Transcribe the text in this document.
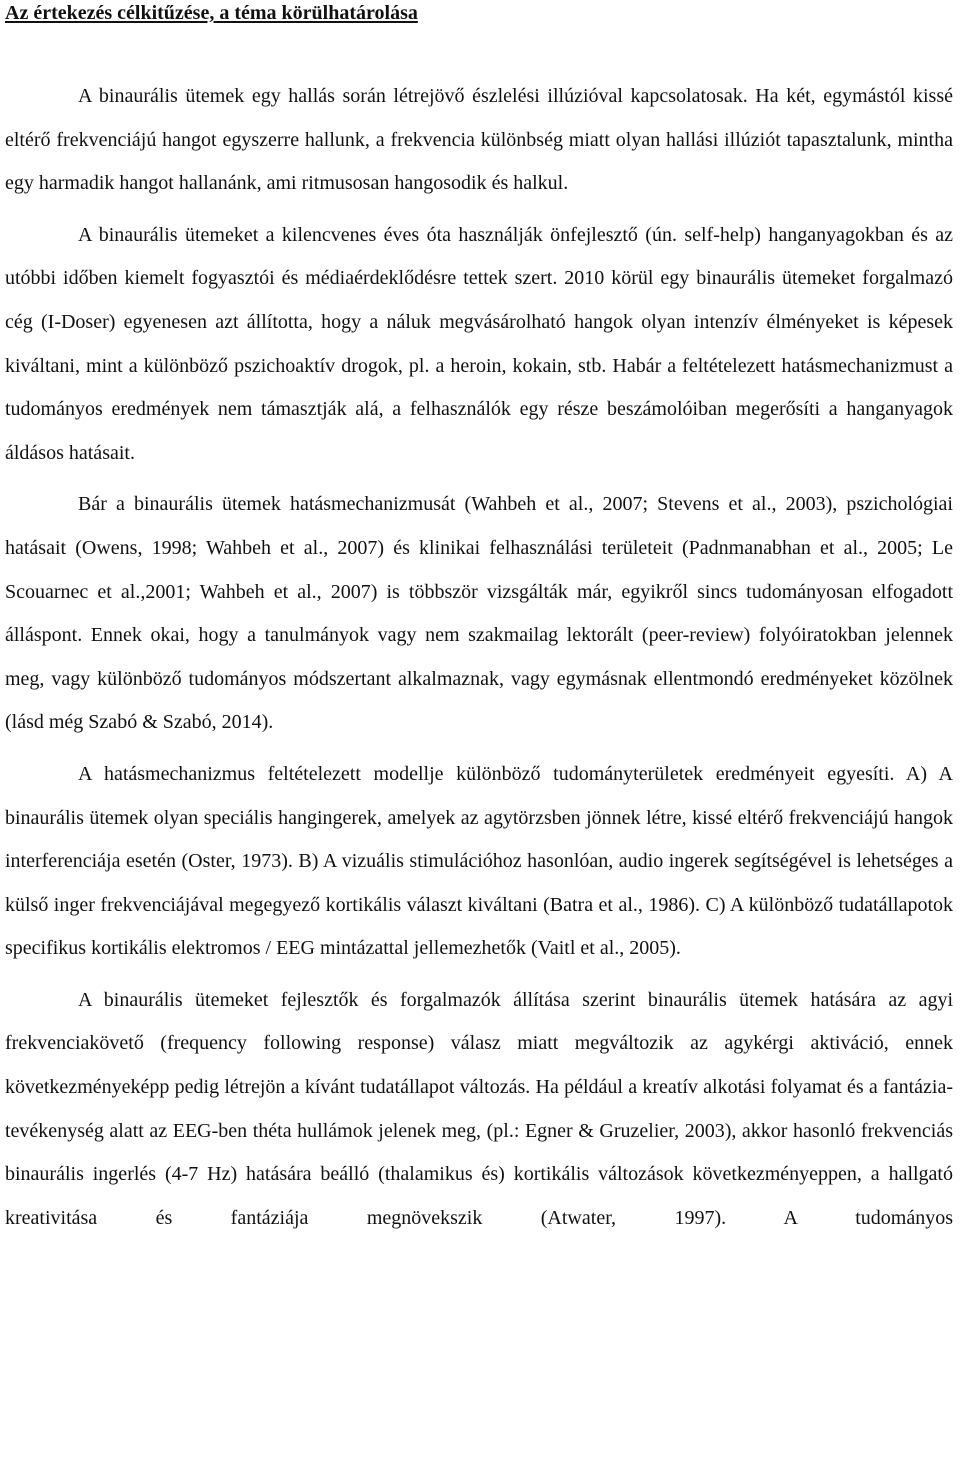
Az értekezés célkitűzése, a téma körülhatárolása

A binaurális ütemek egy hallás során létrejövő észlelési illúzióval kapcsolatosak. Ha két, egymástól kissé eltérő frekvenciájú hangot egyszerre hallunk, a frekvencia különbség miatt olyan hallási illúziót tapasztalunk, mintha egy harmadik hangot hallanánk, ami ritmusosan hangosodik és halkul.

A binaurális ütemeket a kilencvenes éves óta használják önfejlesztő (ún. self-help) hanganyagokban és az utóbbi időben kiemelt fogyasztói és médiaérdeklődésre tettek szert. 2010 körül egy binaurális ütemeket forgalmazó cég (I-Doser) egyenesen azt állította, hogy a náluk megvásárolható hangok olyan intenzív élményeket is képesek kiváltani, mint a különböző pszichoaktív drogok, pl. a heroin, kokain, stb. Habár a feltételezett hatásmechanizmust a tudományos eredmények nem támasztják alá, a felhasználók egy része beszámolóiban megerősíti a hanganyagok áldásos hatásait.

Bár a binaurális ütemek hatásmechanizmusát (Wahbeh et al., 2007; Stevens et al., 2003), pszichológiai hatásait (Owens, 1998; Wahbeh et al., 2007) és klinikai felhasználási területeit (Padnmanabhan et al., 2005; Le Scouarnec et al.,2001; Wahbeh et al., 2007) is többször vizsgálták már, egyikről sincs tudományosan elfogadott álláspont. Ennek okai, hogy a tanulmányok vagy nem szakmailag lektorált (peer-review) folyóiratokban jelennek meg, vagy különböző tudományos módszertant alkalmaznak, vagy egymásnak ellentmondó eredményeket közölnek (lásd még Szabó & Szabó, 2014).

A hatásmechanizmus feltételezett modellje különböző tudományterületek eredményeit egyesíti. A) A binaurális ütemek olyan speciális hangingerek, amelyek az agytörzsben jönnek létre, kissé eltérő frekvenciájú hangok interferenciája esetén (Oster, 1973). B) A vizuális stimulációhoz hasonlóan, audio ingerek segítségével is lehetséges a külső inger frekvenciájával megegyező kortikális választ kiváltani (Batra et al., 1986). C) A különböző tudatállapotok specifikus kortikális elektromos / EEG mintázattal jellemezhetők (Vaitl et al., 2005).

A binaurális ütemeket fejlesztők és forgalmazók állítása szerint binaurális ütemek hatására az agyi frekvenciakövető (frequency following response) válasz miatt megváltozik az agykérgi aktiváció, ennek következményeképp pedig létrejön a kívánt tudatállapot változás. Ha például a kreatív alkotási folyamat és a fantázia-tevékenység alatt az EEG-ben théta hullámok jelenek meg, (pl.: Egner & Gruzelier, 2003), akkor hasonló frekvenciás binaurális ingerlés (4-7 Hz) hatására beálló (thalamikus és) kortikális változások következményeppen, a hallgató kreativitása és fantáziája megnövekszik (Atwater, 1997). A tudományos
